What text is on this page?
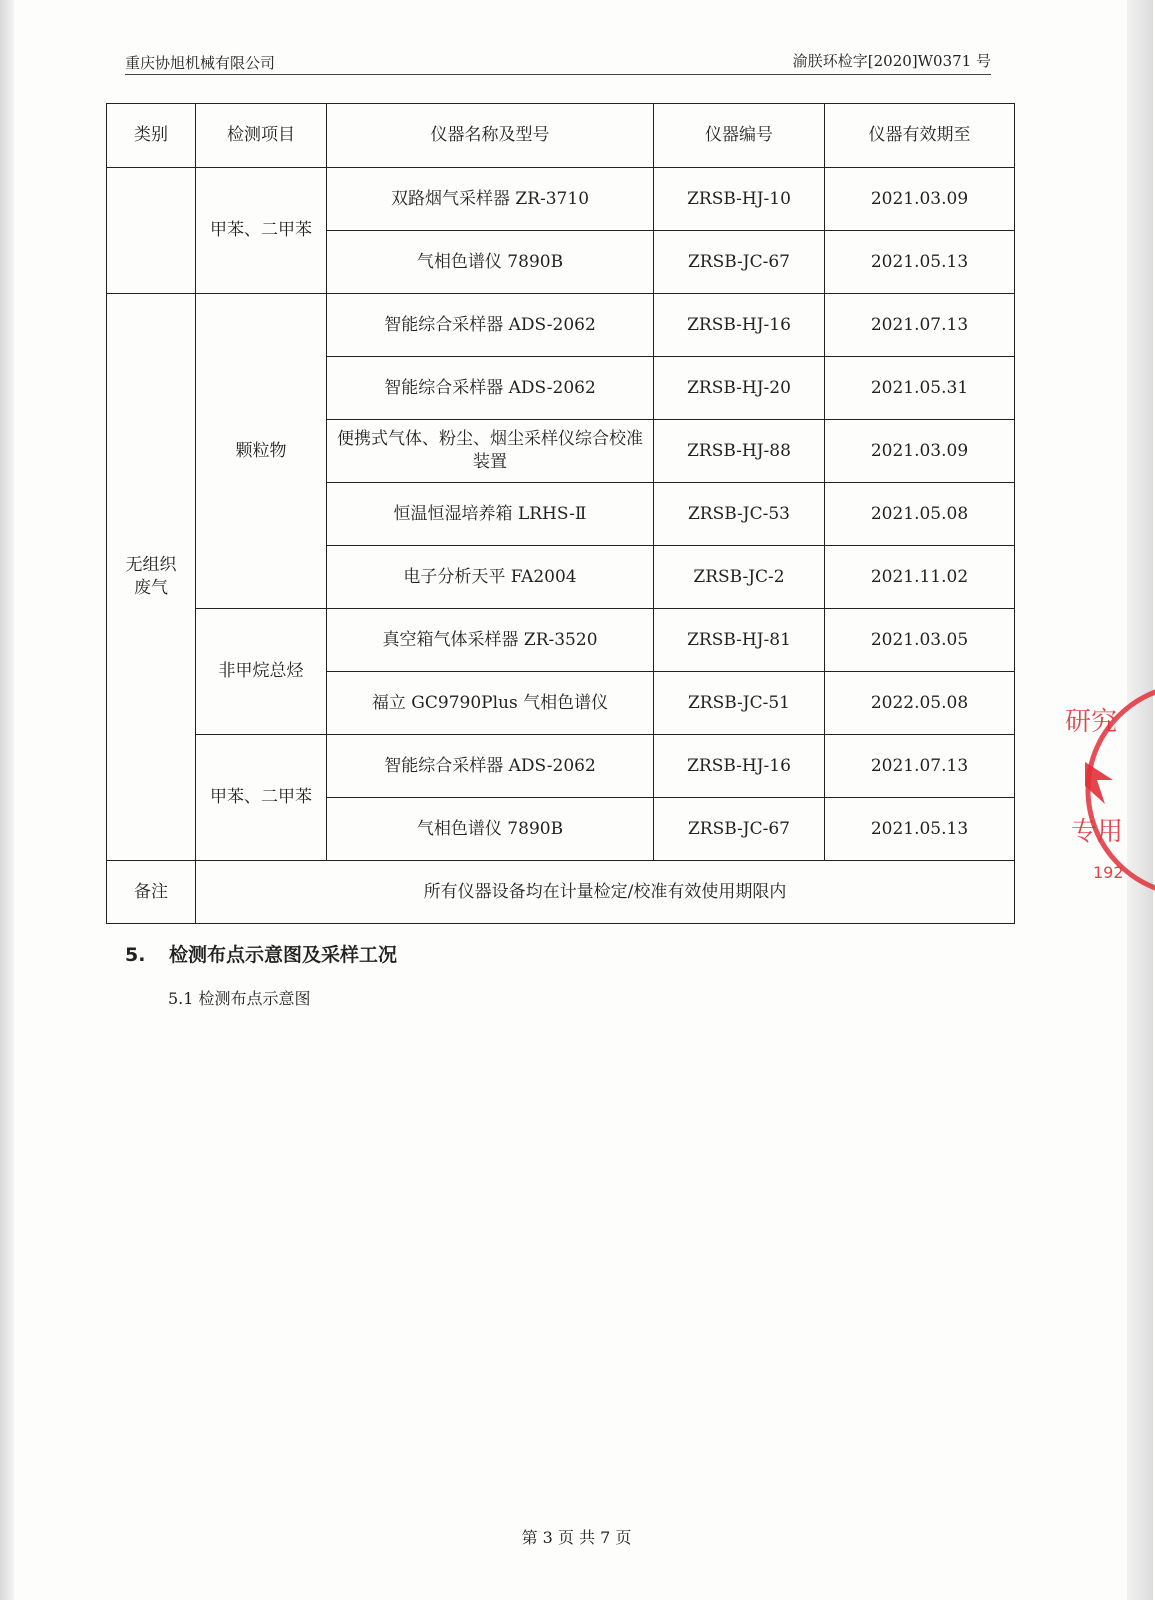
重庆协旭机械有限公司	渝朕环检字[2020]W0371 号
类别	检测项目	仪器名称及型号	仪器编号	仪器有效期至
	甲苯、二甲苯	双路烟气采样器 ZR-3710	ZRSB-HJ-10	2021.03.09
		气相色谱仪 7890B	ZRSB-JC-67	2021.05.13
无组织废气	颗粒物	智能综合采样器 ADS-2062	ZRSB-HJ-16	2021.07.13
		智能综合采样器 ADS-2062	ZRSB-HJ-20	2021.05.31
		便携式气体、粉尘、烟尘采样仪综合校准装置	ZRSB-HJ-88	2021.03.09
		恒温恒湿培养箱 LRHS-Ⅱ	ZRSB-JC-53	2021.05.08
		电子分析天平 FA2004	ZRSB-JC-2	2021.11.02
	非甲烷总烃	真空箱气体采样器 ZR-3520	ZRSB-HJ-81	2021.03.05
		福立 GC9790Plus 气相色谱仪	ZRSB-JC-51	2022.05.08
	甲苯、二甲苯	智能综合采样器 ADS-2062	ZRSB-HJ-16	2021.07.13
		气相色谱仪 7890B	ZRSB-JC-67	2021.05.13
备注	所有仪器设备均在计量检定/校准有效使用期限内			
5. 检测布点示意图及采样工况
5.1 检测布点示意图
第 3 页 共 7 页
研究
专用
192
